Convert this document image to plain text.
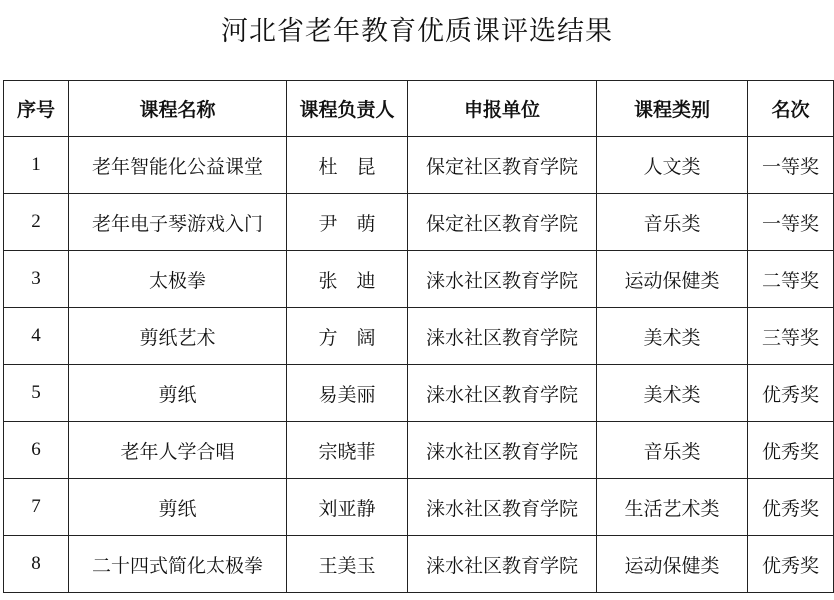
河北省老年教育优质课评选结果
序号	课程名称	课程负责人	申报单位	课程类别	名次
1	老年智能化公益课堂	杜　昆	保定社区教育学院	人文类	一等奖
2	老年电子琴游戏入门	尹　萌	保定社区教育学院	音乐类	一等奖
3	太极拳	张　迪	涞水社区教育学院	运动保健类	二等奖
4	剪纸艺术	方　阔	涞水社区教育学院	美术类	三等奖
5	剪纸	易美丽	涞水社区教育学院	美术类	优秀奖
6	老年人学合唱	宗晓菲	涞水社区教育学院	音乐类	优秀奖
7	剪纸	刘亚静	涞水社区教育学院	生活艺术类	优秀奖
8	二十四式简化太极拳	王美玉	涞水社区教育学院	运动保健类	优秀奖
